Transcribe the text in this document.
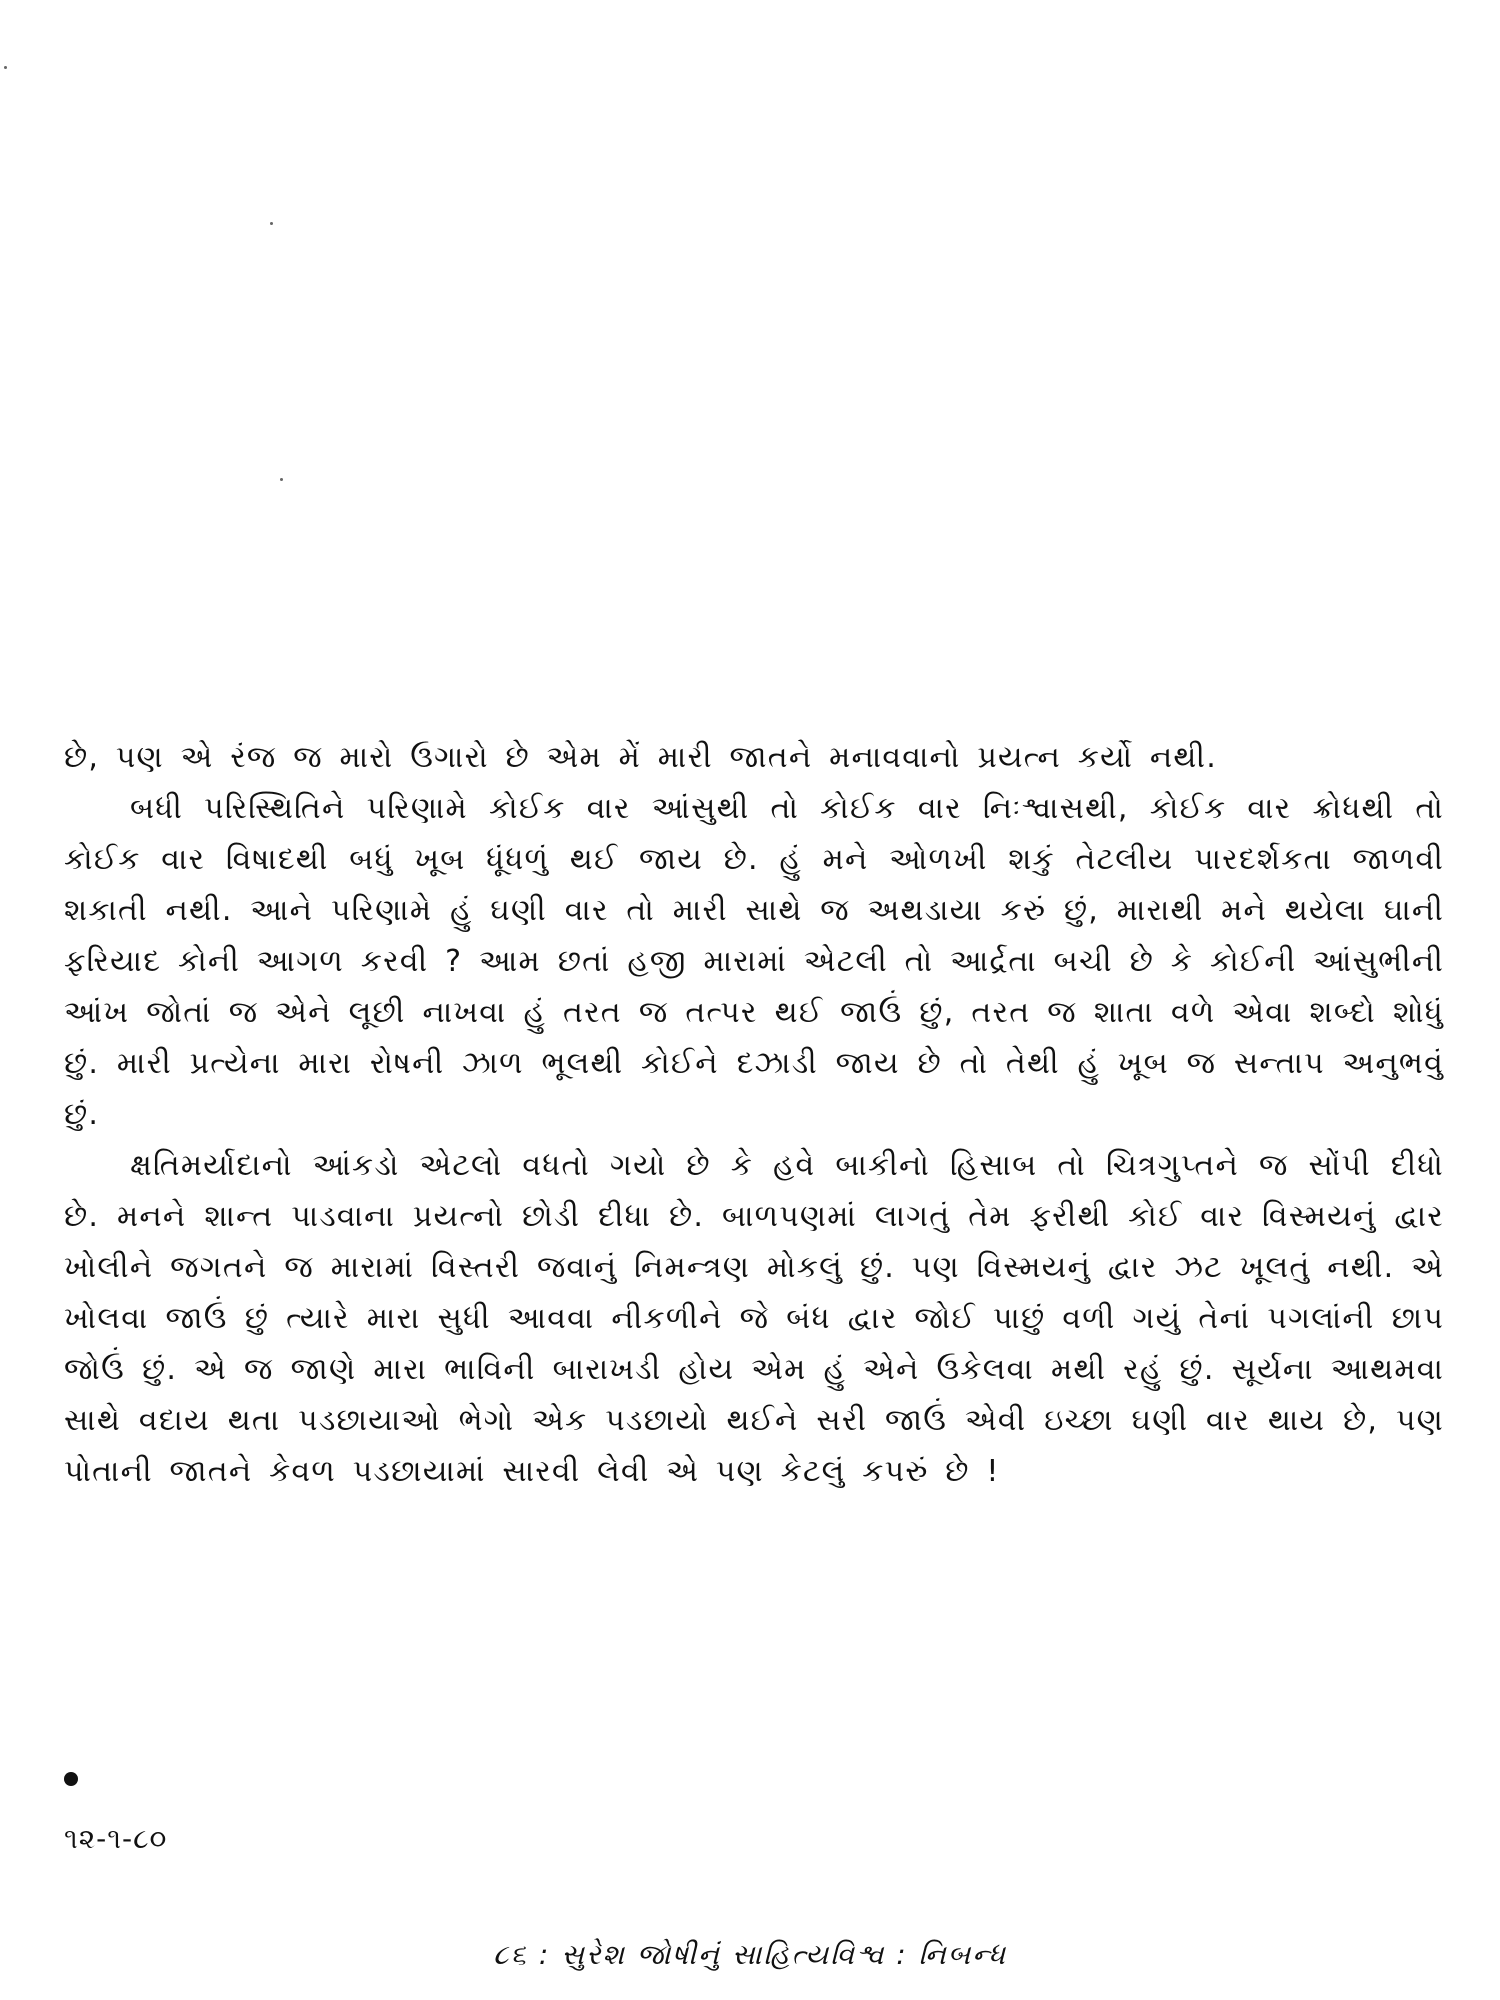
છે, પણ એ રંજ જ મારો ઉગારો છે એમ મેં મારી જાતને મનાવવાનો પ્રયત્ન કર્યો નથી.

બધી પરિસ્થિતિને પરિણામે કોઈક વાર આંસુથી તો કોઈક વાર નિઃશ્વાસથી, કોઈક વાર ક્રોધથી તો કોઈક વાર વિષાદથી બધું ખૂબ ધૂંધળું થઈ જાય છે. હું મને ઓળખી શકું તેટલીય પારદર્શકતા જાળવી શકાતી નથી. આને પરિણામે હું ઘણી વાર તો મારી સાથે જ અથડાયા કરું છું, મારાથી મને થયેલા ઘાની ફરિયાદ કોની આગળ કરવી ? આમ છતાં હજી મારામાં એટલી તો આર્દ્રતા બચી છે કે કોઈની આંસુભીની આંખ જોતાં જ એને લૂછી નાખવા હું તરત જ તત્પર થઈ જાઉં છું, તરત જ શાતા વળે એવા શબ્દો શોધું છું. મારી પ્રત્યેના મારા રોષની ઝાળ ભૂલથી કોઈને દઝાડી જાય છે તો તેથી હું ખૂબ જ સન્તાપ અનુભવું છું.

ક્ષતિમર્યાદાનો આંકડો એટલો વધતો ગયો છે કે હવે બાકીનો હિસાબ તો ચિત્રગુપ્તને જ સોંપી દીધો છે. મનને શાન્ત પાડવાના પ્રયત્નો છોડી દીધા છે. બાળપણમાં લાગતું તેમ ફરીથી કોઈ વાર વિસ્મયનું દ્વાર ખોલીને જગતને જ મારામાં વિસ્તરી જવાનું નિમન્ત્રણ મોકલું છું. પણ વિસ્મયનું દ્વાર ઝટ ખૂલતું નથી. એ ખોલવા જાઉં છું ત્યારે મારા સુધી આવવા નીકળીને જે બંધ દ્વાર જોઈ પાછું વળી ગયું તેનાં પગલાંની છાપ જોઉં છું. એ જ જાણે મારા ભાવિની બારાખડી હોય એમ હું એને ઉકેલવા મથી રહું છું. સૂર્યના આથમવા સાથે વદાય થતા પડછાયાઓ ભેગો એક પડછાયો થઈને સરી જાઉં એવી ઇચ્છા ઘણી વાર થાય છે, પણ પોતાની જાતને કેવળ પડછાયામાં સારવી લેવી એ પણ કેટલું કપરું છે !

૧૨-૧-૮૦
૮૬ : સુરેશ જોષીનું સાહિત્યવિશ્વ : નિબન્ધ
